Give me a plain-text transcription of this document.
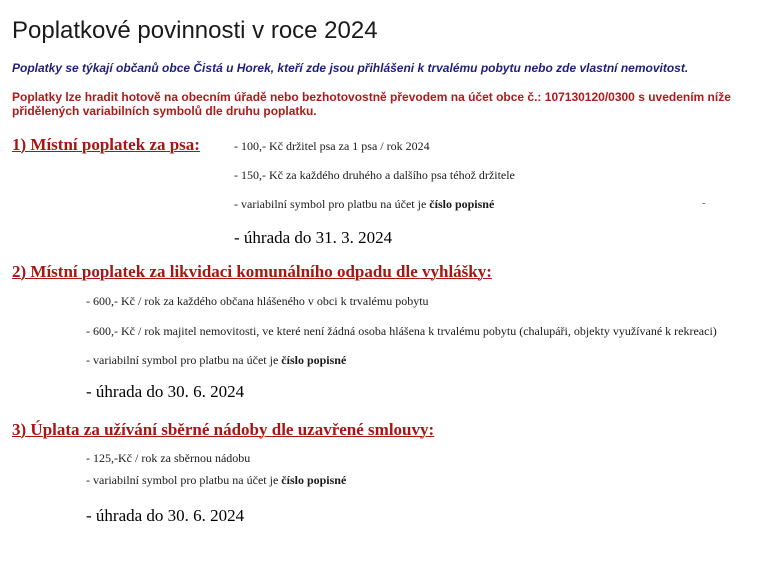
Poplatkové povinnosti v roce 2024
Poplatky se týkají občanů obce Čistá u Horek, kteří zde jsou přihlášeni k trvalému pobytu nebo zde vlastní nemovitost.
Poplatky lze hradit hotově na obecním úřadě nebo bezhotovostně převodem na účet obce č.: 107130120/0300 s uvedením níže přidělených variabilních symbolů dle druhu poplatku.
1) Místní poplatek za psa:	- 100,- Kč držitel psa za 1 psa / rok 2024
- 150,- Kč za každého druhého a dalšího psa téhož držitele
- variabilní symbol pro platbu na účet je číslo popisné	-
- úhrada do 31. 3. 2024
2) Místní poplatek za likvidaci komunálního odpadu dle vyhlášky:
- 600,- Kč / rok za každého občana hlášeného v obci k trvalému pobytu
- 600,- Kč / rok majitel nemovitosti, ve které není žádná osoba hlášena k trvalému pobytu (chalupáři, objekty využívané k rekreaci)
- variabilní symbol pro platbu na účet je číslo popisné
- úhrada do 30. 6. 2024
3) Úplata za užívání sběrné nádoby dle uzavřené smlouvy:
- 125,-Kč / rok za sběrnou nádobu
- variabilní symbol pro platbu na účet je číslo popisné
- úhrada do 30. 6. 2024
